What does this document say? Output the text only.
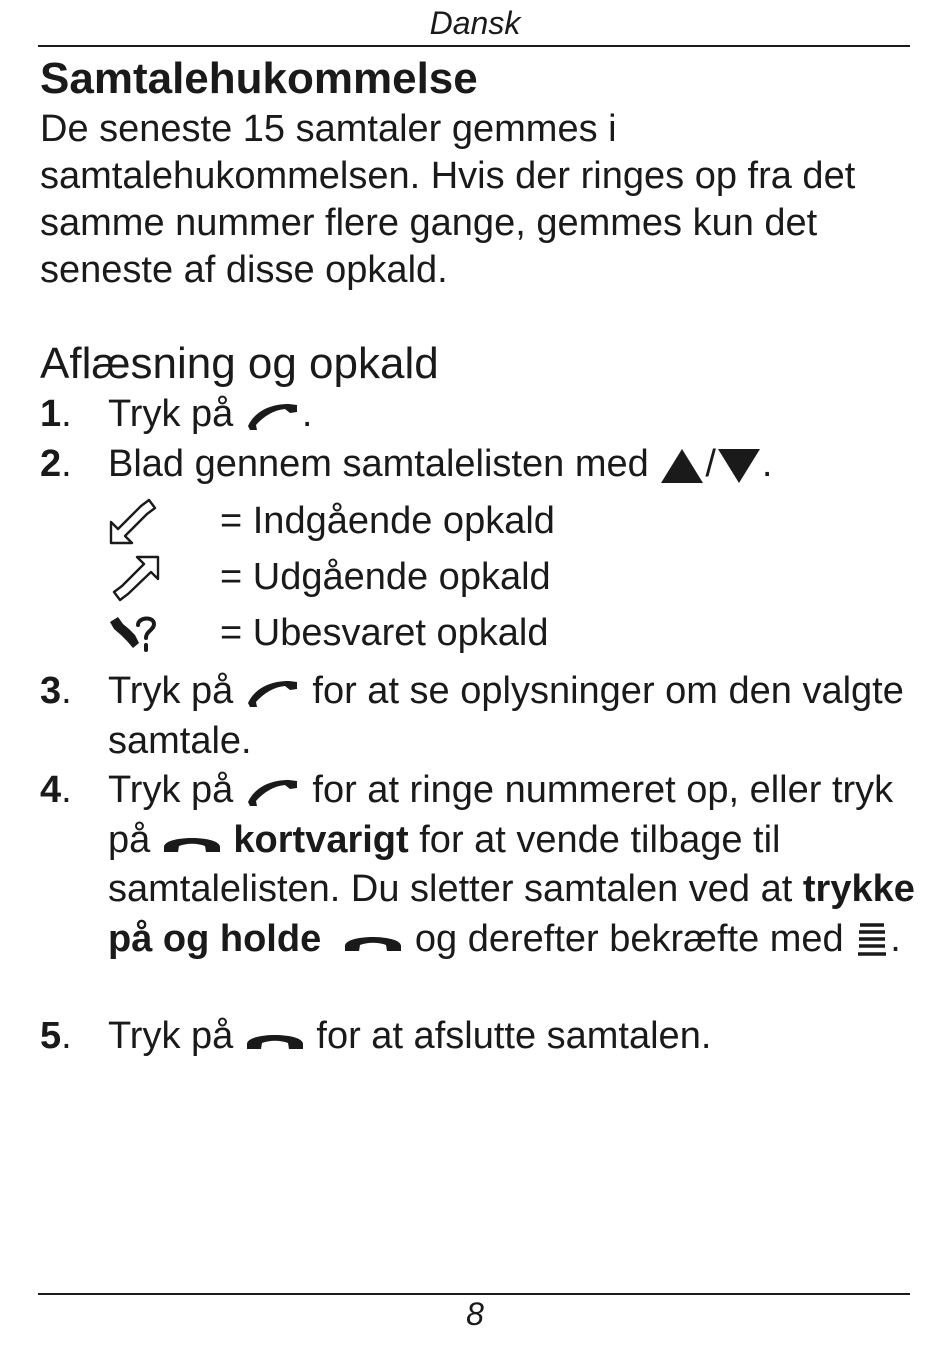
Dansk
Samtalehukommelse
De seneste 15 samtaler gemmes i samtalehukommelsen. Hvis der ringes op fra det samme nummer flere gange, gemmes kun det seneste af disse opkald.
Aflæsning og opkald
1. Tryk på .
2. Blad gennem samtalelisten med / .
= Indgående opkald
= Udgående opkald
= Ubesvaret opkald
3. Tryk på for at se oplysninger om den valgte samtale.
4. Tryk på for at ringe nummeret op, eller tryk på kortvarigt for at vende tilbage til samtalelisten. Du sletter samtalen ved at trykke på og holde og derefter bekræfte med .
5. Tryk på for at afslutte samtalen.
8
